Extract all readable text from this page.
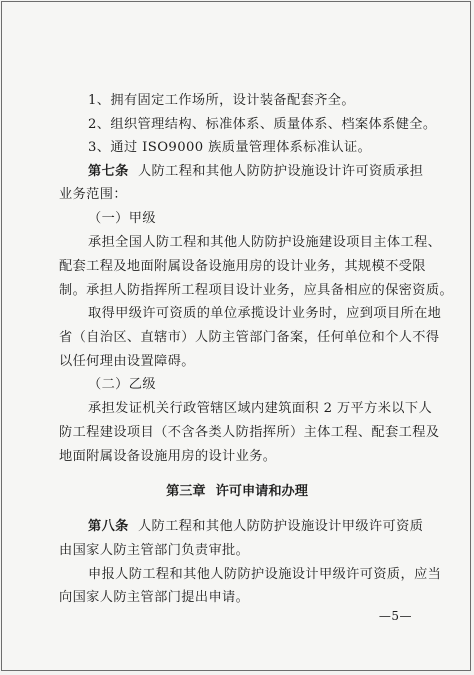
1、拥有固定工作场所，设计装备配套齐全。
2、组织管理结构、标准体系、质量体系、档案体系健全。
3、通过 ISO9000 族质量管理体系标准认证。
第七条 人防工程和其他人防防护设施设计许可资质承担
业务范围：
（一）甲级
承担全国人防工程和其他人防防护设施建设项目主体工程、
配套工程及地面附属设备设施用房的设计业务，其规模不受限
制。承担人防指挥所工程项目设计业务，应具备相应的保密资质。
取得甲级许可资质的单位承揽设计业务时，应到项目所在地
省（自治区、直辖市）人防主管部门备案，任何单位和个人不得
以任何理由设置障碍。
（二）乙级
承担发证机关行政管辖区域内建筑面积 2 万平方米以下人
防工程建设项目（不含各类人防指挥所）主体工程、配套工程及
地面附属设备设施用房的设计业务。
第三章 许可申请和办理
第八条 人防工程和其他人防防护设施设计甲级许可资质
由国家人防主管部门负责审批。
申报人防工程和其他人防防护设施设计甲级许可资质，应当
向国家人防主管部门提出申请。
—5—
